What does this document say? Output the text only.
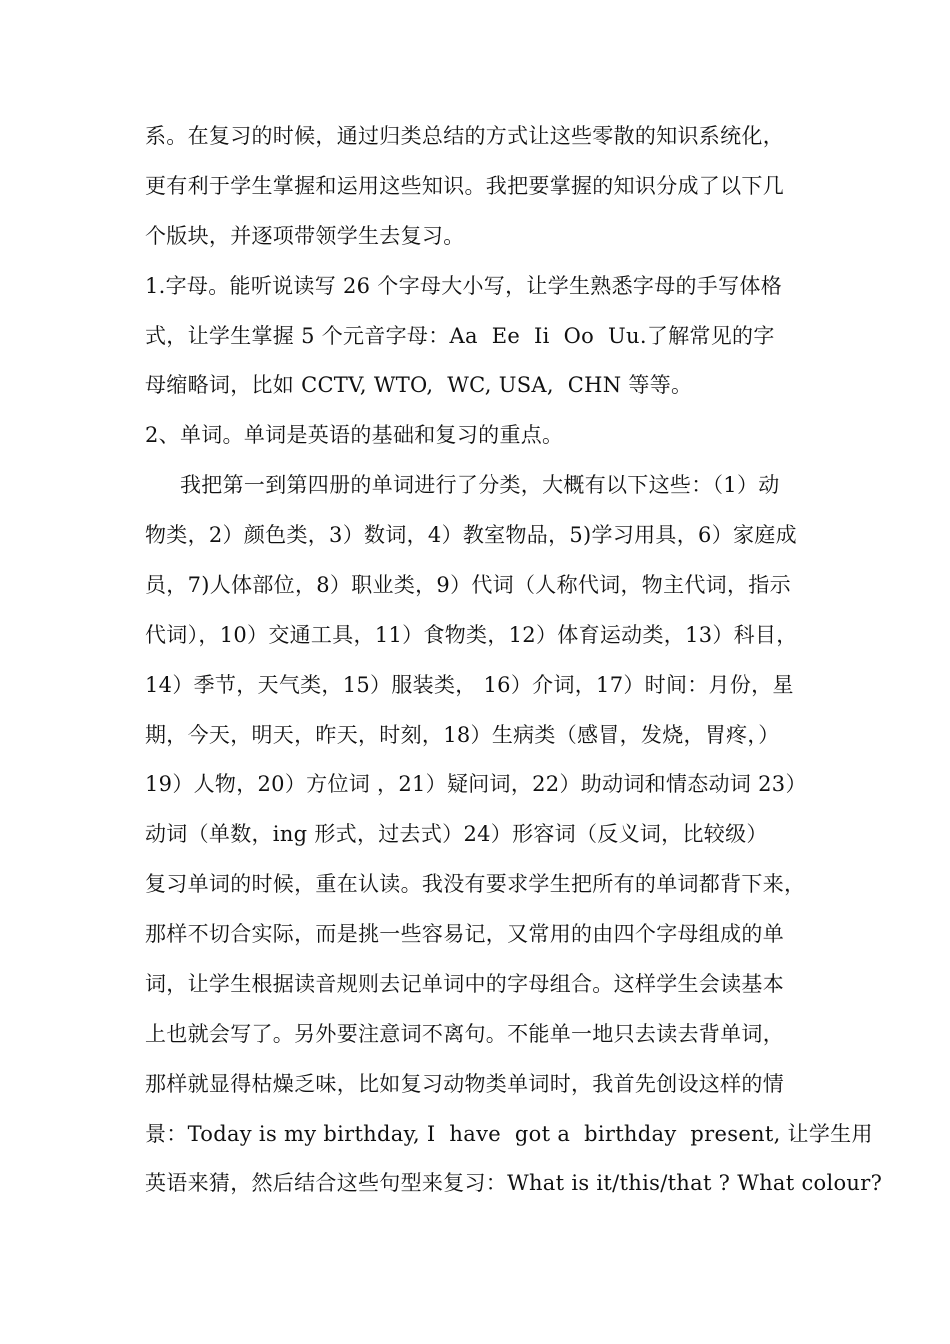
系。在复习的时候，通过归类总结的方式让这些零散的知识系统化，
更有利于学生掌握和运用这些知识。我把要掌握的知识分成了以下几
个版块，并逐项带领学生去复习。
1.字母。能听说读写 26 个字母大小写，让学生熟悉字母的手写体格
式，让学生掌握 5 个元音字母：Aa  Ee  Ii  Oo  Uu.了解常见的字
母缩略词，比如 CCTV, WTO,  WC, USA,  CHN 等等。
2、单词。单词是英语的基础和复习的重点。
我把第一到第四册的单词进行了分类，大概有以下这些：（1）动
物类，2）颜色类，3）数词，4）教室物品，5)学习用具，6）家庭成
员，7)人体部位，8）职业类，9）代词（人称代词，物主代词，指示
代词），10）交通工具，11）食物类，12）体育运动类，13）科目，
14）季节，天气类，15）服装类， 16）介词，17）时间：月份，星
期，今天，明天，昨天，时刻，18）生病类（感冒，发烧，胃疼，）
19）人物，20）方位词 ，21）疑问词，22）助动词和情态动词 23）
动词（单数，ing 形式，过去式）24）形容词（反义词，比较级）
复习单词的时候，重在认读。我没有要求学生把所有的单词都背下来，
那样不切合实际，而是挑一些容易记，又常用的由四个字母组成的单
词，让学生根据读音规则去记单词中的字母组合。这样学生会读基本
上也就会写了。另外要注意词不离句。不能单一地只去读去背单词，
那样就显得枯燥乏味，比如复习动物类单词时，我首先创设这样的情
景：Today is my birthday, I  have  got a  birthday  present, 让学生用
英语来猜，然后结合这些句型来复习：What is it/this/that ? What colour?
